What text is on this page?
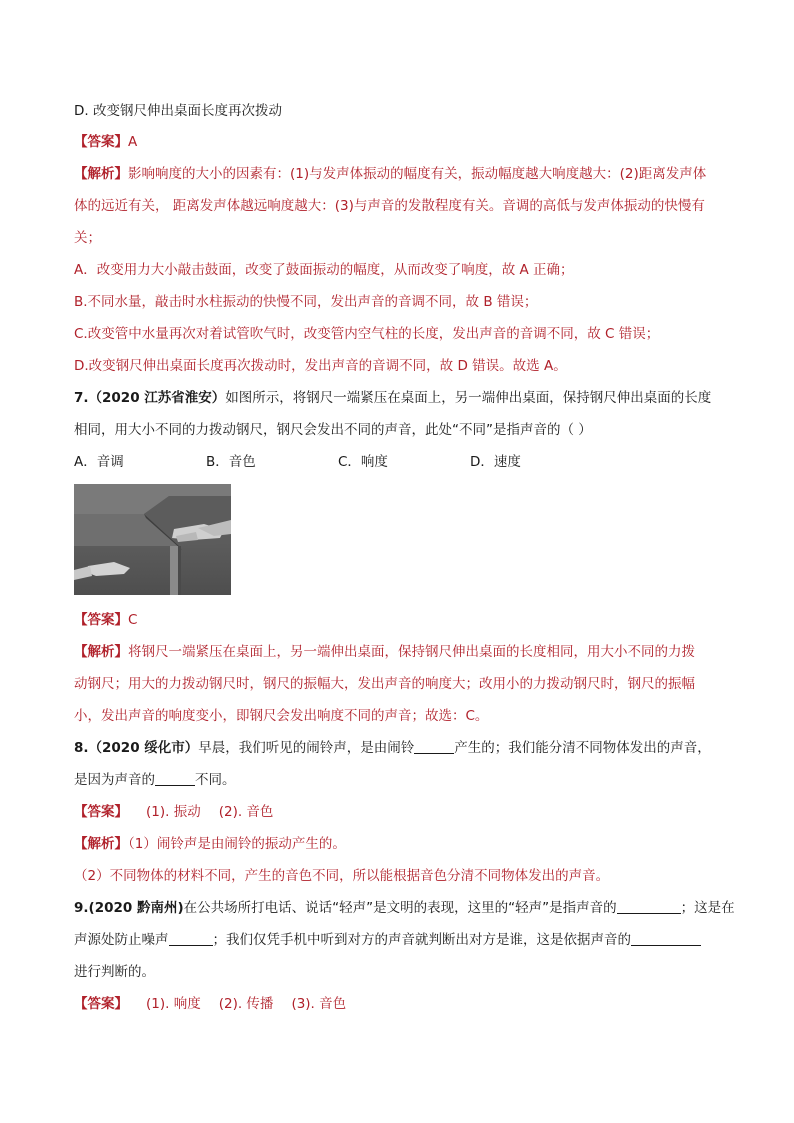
D. 改变钢尺伸出桌面长度再次拨动
【答案】A
【解析】影响响度的大小的因素有：(1)与发声体振动的幅度有关，振动幅度越大响度越大：(2)距离发声体
体的远近有关， 距离发声体越远响度越大：(3)与声音的发散程度有关。音调的高低与发声体振动的快慢有
关；
A．改变用力大小敲击鼓面，改变了鼓面振动的幅度，从而改变了响度，故 A 正确；
B.不同水量，敲击时水柱振动的快慢不同，发出声音的音调不同，故 B 错误；
C.改变管中水量再次对着试管吹气时，改变管内空气柱的长度，发出声音的音调不同，故 C 错误；
D.改变钢尺伸出桌面长度再次拨动时，发出声音的音调不同，故 D 错误。故选 A。
7.（2020 江苏省淮安）如图所示，将钢尺一端紧压在桌面上，另一端伸出桌面，保持钢尺伸出桌面的长度
相同，用大小不同的力拨动钢尺，钢尺会发出不同的声音，此处“不同”是指声音的（ ）
A．音调	B．音色	C．响度	D．速度
【答案】C
【解析】将钢尺一端紧压在桌面上，另一端伸出桌面，保持钢尺伸出桌面的长度相同，用大小不同的力拨
动钢尺；用大的力拨动钢尺时，钢尺的振幅大，发出声音的响度大；改用小的力拨动钢尺时，钢尺的振幅
小，发出声音的响度变小，即钢尺会发出响度不同的声音；故选：C。
8.（2020 绥化市）早晨，我们听见的闹铃声，是由闹铃	产生的；我们能分清不同物体发出的声音，
是因为声音的	不同。
【答案】 (1). 振动 (2). 音色
【解析】（1）闹铃声是由闹铃的振动产生的。
（2）不同物体的材料不同，产生的音色不同，所以能根据音色分清不同物体发出的声音。
9.(2020 黔南州)在公共场所打电话、说话“轻声”是文明的表现，这里的“轻声”是指声音的	；这是在
声源处防止噪声	；我们仅凭手机中听到对方的声音就判断出对方是谁，这是依据声音的
进行判断的。
【答案】 (1). 响度 (2). 传播 (3). 音色
